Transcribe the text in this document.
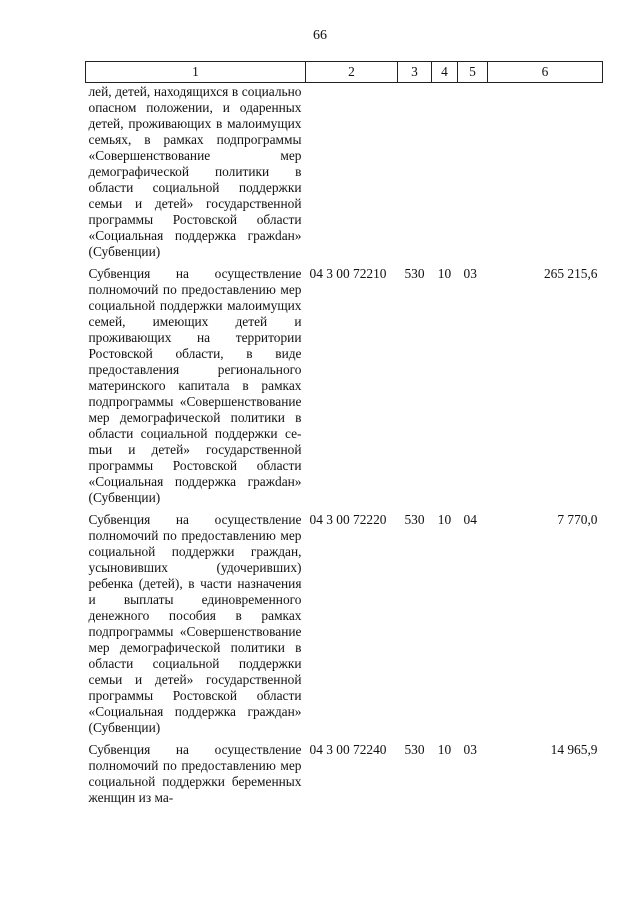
66
1	2	3	4	5	6
лей, детей, находящихся в социально опасном положении, и одаренных детей, проживающих в малоимущих семьях, в рамках подпрограммы «Совершенствование мер демографической политики в области социальной поддержки семьи и детей» государственной программы Ростовской области «Социальная поддержка гражdан» (Субвенции)					
Субвенция на осуществление полномочий по предоставлению мер социальной поддержки малоимущих семей, имеющих детей и проживающих на территории Ростовской области, в виде предоставления регионального материнского капитала в рамках подпрограммы «Совершенствование мер демографической политики в области социальной поддержки сеmьи и детей» государственной программы Ростовской области «Социальная поддержка гражdан» (Субвенции)	04 3 00 72210	530	10	03	265 215,6
Субвенция на осуществление полномочий по предоставлению мер социальной поддержки граждан, усыновивших (удочеривших) ребенка (детей), в части назначения и выплаты единовременного денежного пособия в рамках подпрограммы «Совершенствование мер демографической политики в области социальной поддержки семьи и детей» государственной программы Ростовской области «Социальная поддержка граждан» (Субвенции)	04 3 00 72220	530	10	04	7 770,0
Субвенция на осуществление полномочий по предоставлению мер социальной поддержки беременных женщин из ма-	04 3 00 72240	530	10	03	14 965,9
